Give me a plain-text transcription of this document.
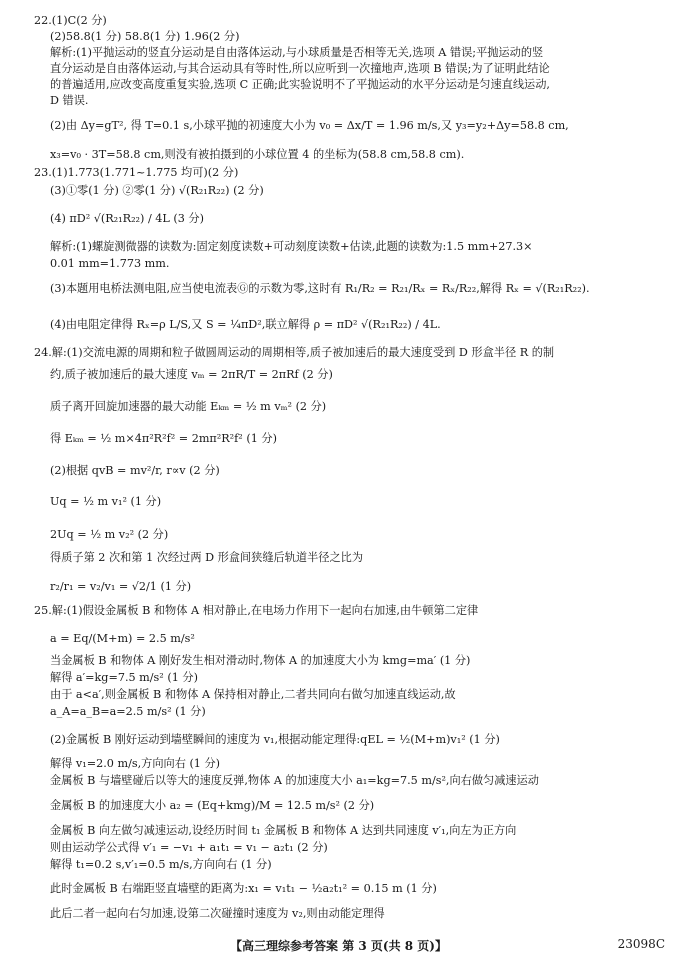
22.(1)C(2 分)
(2)58.8(1 分) 58.8(1 分) 1.96(2 分)
解析:(1)平抛运动的竖直分运动是自由落体运动,与小球质量是否相等无关,选项 A 错误;平抛运动的竖
直分运动是自由落体运动,与其合运动具有等时性,所以应听到一次撞地声,选项 B 错误;为了证明此结论
的普遍适用,应改变高度重复实验,选项 C 正确;此实验说明不了平抛运动的水平分运动是匀速直线运动,
D 错误.
(2)由 Δy=gT², 得 T=0.1 s,小球平抛的初速度大小为 v₀ = Δx/T = 1.96 m/s,又 y₃=y₂+Δy=58.8 cm,
x₃=v₀ · 3T=58.8 cm,则没有被拍摄到的小球位置 4 的坐标为(58.8 cm,58.8 cm).
23.(1)1.773(1.771~1.775 均可)(2 分)
(3)①零(1 分) ②零(1 分) √(R₂₁R₂₂) (2 分)
(4) πD² √(R₂₁R₂₂) / 4L (3 分)
解析:(1)螺旋测微器的读数为:固定刻度读数+可动刻度读数+估读,此题的读数为:1.5 mm+27.3×
0.01 mm=1.773 mm.
(3)本题用电桥法测电阻,应当使电流表Ⓖ的示数为零,这时有 R₁/R₂ = R₂₁/Rₓ = Rₓ/R₂₂,解得 Rₓ = √(R₂₁R₂₂).
(4)由电阻定律得 Rₓ=ρ L/S,又 S = ¼πD²,联立解得 ρ = πD² √(R₂₁R₂₂) / 4L.
24.解:(1)交流电源的周期和粒子做圆周运动的周期相等,质子被加速后的最大速度受到 D 形盒半径 R 的制
约,质子被加速后的最大速度 vₘ = 2πR/T = 2πRf (2 分)
质子离开回旋加速器的最大动能 Eₖₘ = ½ m vₘ² (2 分)
得 Eₖₘ = ½ m×4π²R²f² = 2mπ²R²f² (1 分)
(2)根据 qvB = mv²/r, r∝v (2 分)
Uq = ½ m v₁² (1 分)
2Uq = ½ m v₂² (2 分)
得质子第 2 次和第 1 次经过两 D 形盒间狭缝后轨道半径之比为
r₂/r₁ = v₂/v₁ = √2/1 (1 分)
25.解:(1)假设金属板 B 和物体 A 相对静止,在电场力作用下一起向右加速,由牛顿第二定律
a = Eq/(M+m) = 2.5 m/s²
当金属板 B 和物体 A 刚好发生相对滑动时,物体 A 的加速度大小为 kmg=ma′ (1 分)
解得 a′=kg=7.5 m/s² (1 分)
由于 a<a′,则金属板 B 和物体 A 保持相对静止,二者共同向右做匀加速直线运动,故
a_A=a_B=a=2.5 m/s² (1 分)
(2)金属板 B 刚好运动到墙壁瞬间的速度为 v₁,根据动能定理得:qEL = ½(M+m)v₁² (1 分)
解得 v₁=2.0 m/s,方向向右 (1 分)
金属板 B 与墙壁碰后以等大的速度反弹,物体 A 的加速度大小 a₁=kg=7.5 m/s²,向右做匀减速运动
金属板 B 的加速度大小 a₂ = (Eq+kmg)/M = 12.5 m/s² (2 分)
金属板 B 向左做匀减速运动,设经历时间 t₁ 金属板 B 和物体 A 达到共同速度 v′₁,向左为正方向
则由运动学公式得 v′₁ = −v₁ + a₁t₁ = v₁ − a₂t₁ (2 分)
解得 t₁=0.2 s,v′₁=0.5 m/s,方向向右 (1 分)
此时金属板 B 右端距竖直墙壁的距离为:x₁ = v₁t₁ − ½a₂t₁² = 0.15 m (1 分)
此后二者一起向右匀加速,设第二次碰撞时速度为 v₂,则由动能定理得
【高三理综参考答案 第 3 页(共 8 页)】	23098C
